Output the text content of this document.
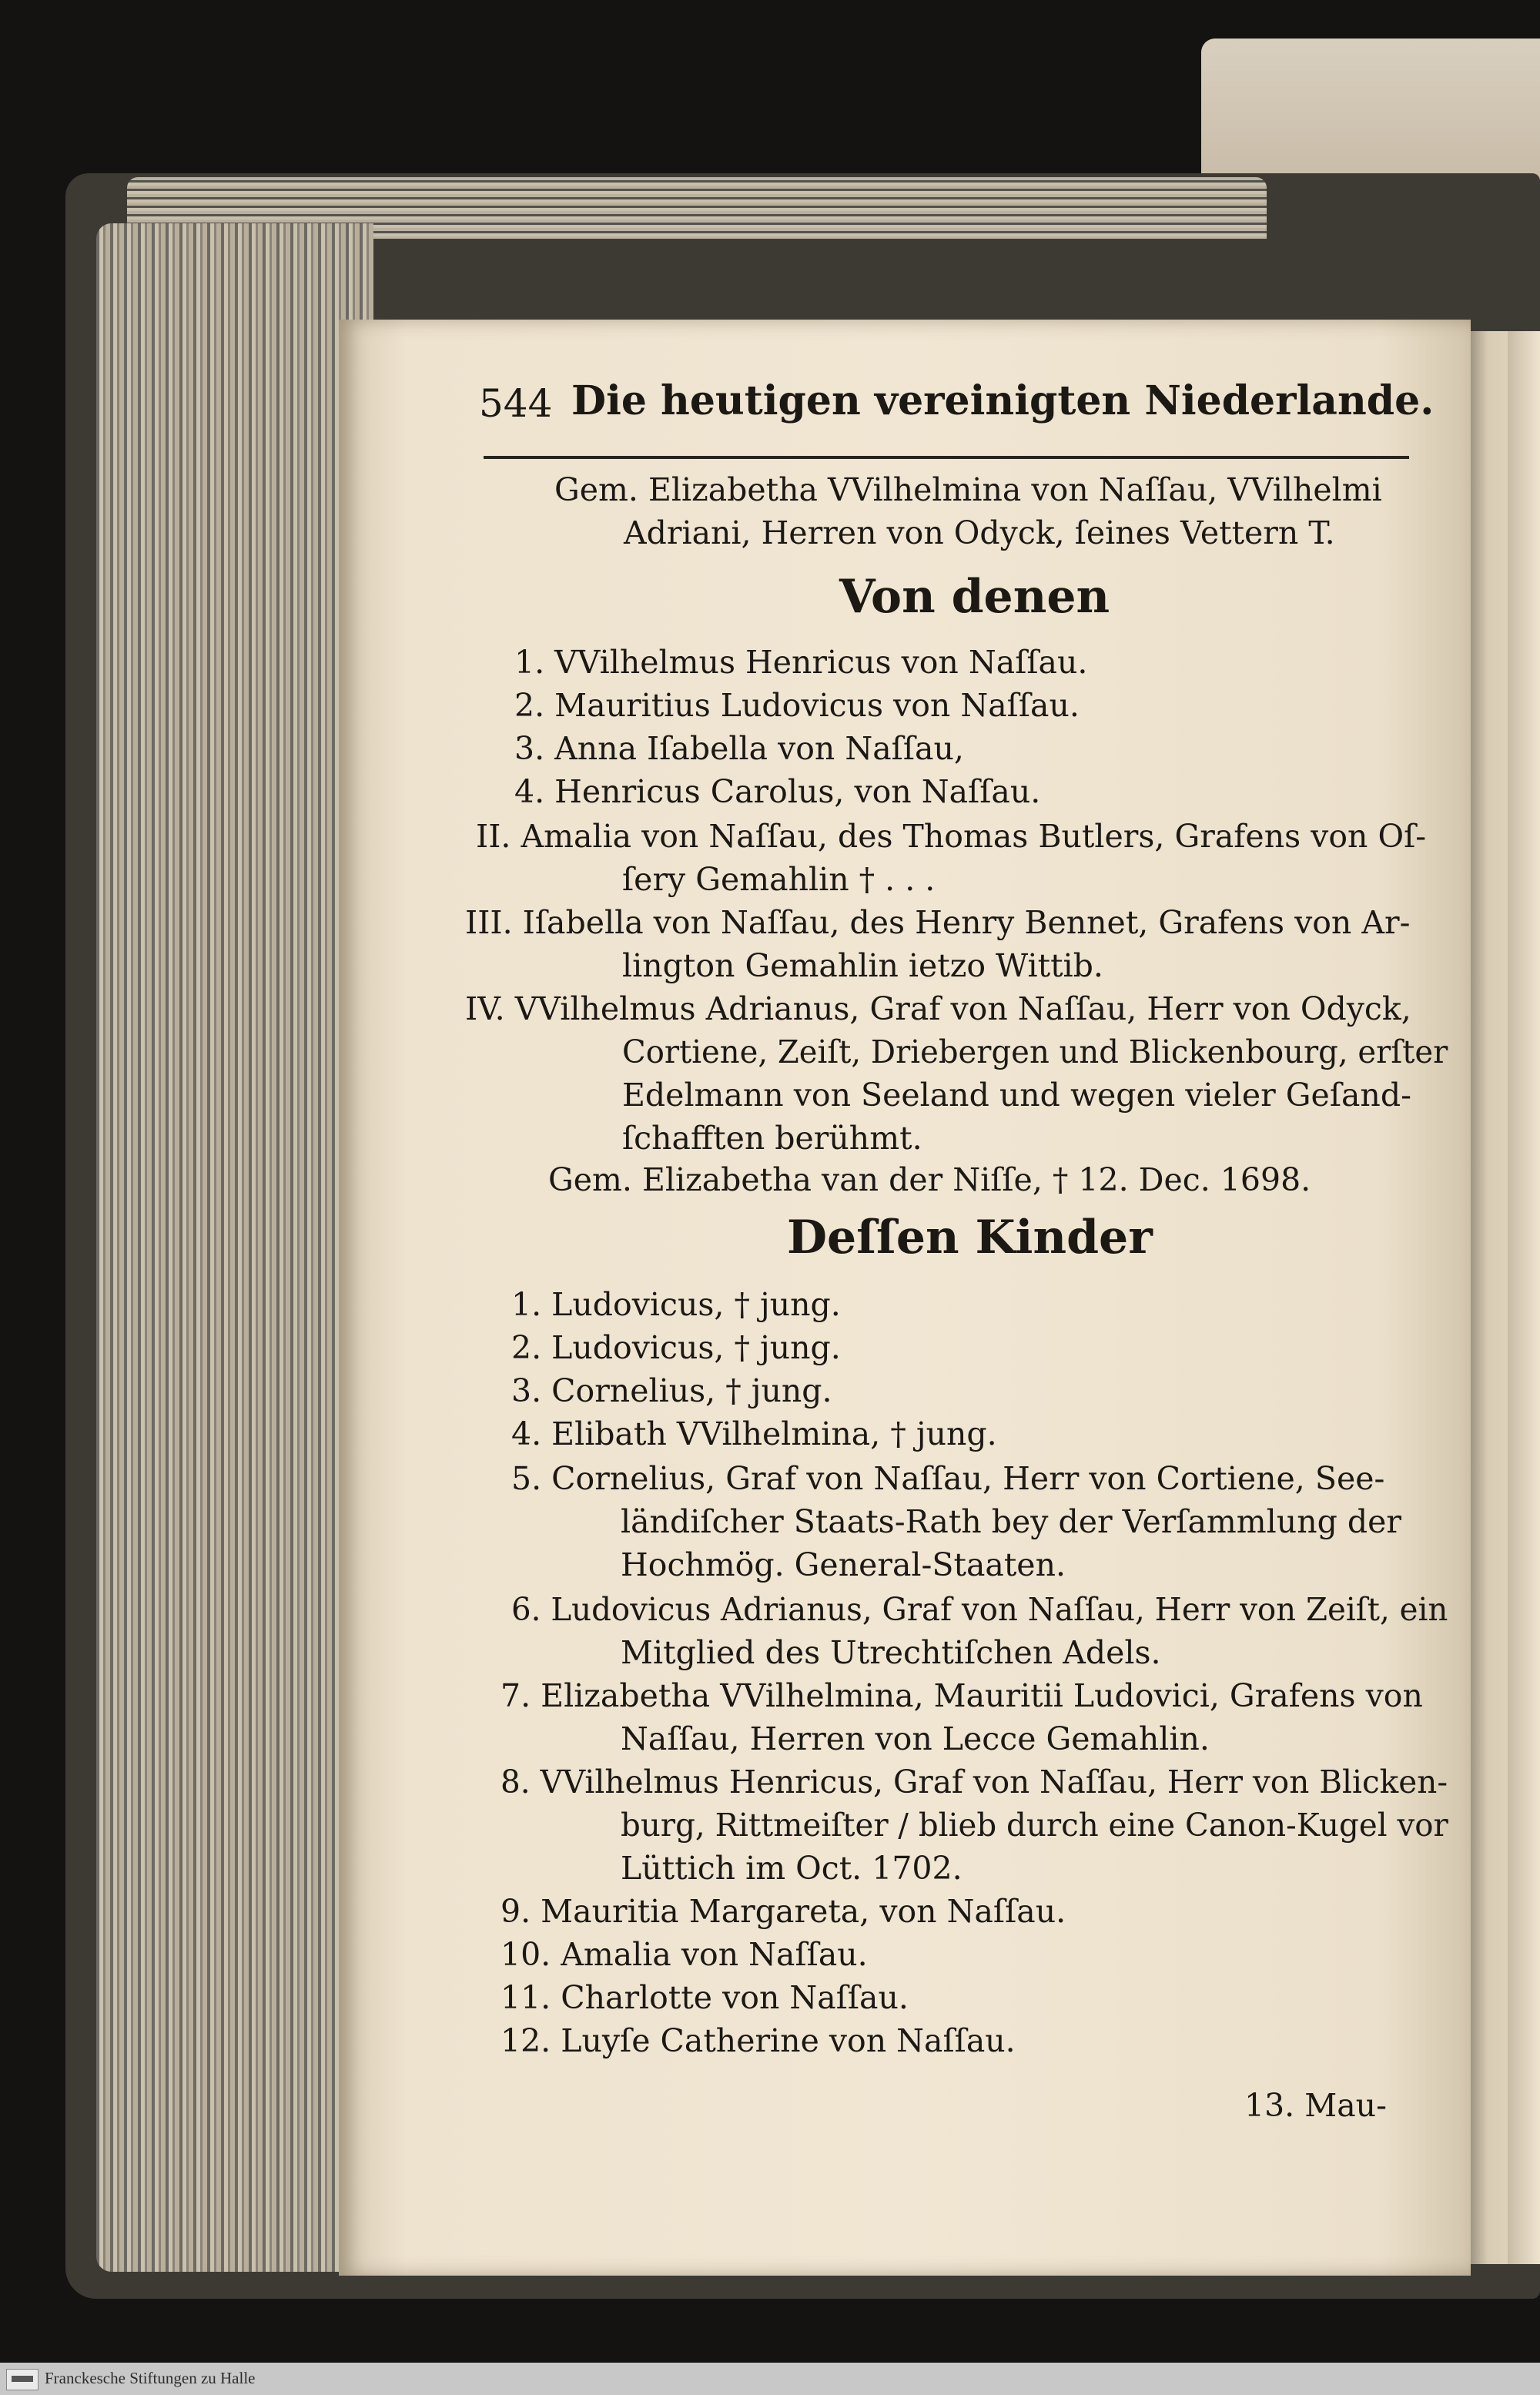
544 Die heutigen vereinigten Niederlande.
Gem. Elizabetha VVilhelmina von Naſſau, VVilhelmi
Adriani, Herren von Odyck, ſeines Vettern T.
Von denen
1. VVilhelmus Henricus von Naſſau.
2. Mauritius Ludovicus von Naſſau.
3. Anna Iſabella von Naſſau,
4. Henricus Carolus, von Naſſau.
II. Amalia von Naſſau, des Thomas Butlers, Grafens von Oſ-
ſery Gemahlin † . . .
III. Iſabella von Naſſau, des Henry Bennet, Grafens von Ar-
lington Gemahlin ietzo Wittib.
IV. VVilhelmus Adrianus, Graf von Naſſau, Herr von Odyck,
Cortiene, Zeiſt, Driebergen und Blickenbourg, erſter
Edelmann von Seeland und wegen vieler Geſand-
ſchafften berühmt.
Gem. Elizabetha van der Niſſe, † 12. Dec. 1698.
Deſſen Kinder
1. Ludovicus, † jung.
2. Ludovicus, † jung.
3. Cornelius, † jung.
4. Elibath VVilhelmina, † jung.
5. Cornelius, Graf von Naſſau, Herr von Cortiene, See-
ländiſcher Staats-Rath bey der Verſammlung der
Hochmög. General-Staaten.
6. Ludovicus Adrianus, Graf von Naſſau, Herr von Zeiſt, ein
Mitglied des Utrechtiſchen Adels.
7. Elizabetha VVilhelmina, Mauritii Ludovici, Grafens von
Naſſau, Herren von Lecce Gemahlin.
8. VVilhelmus Henricus, Graf von Naſſau, Herr von Blicken-
burg, Rittmeiſter / blieb durch eine Canon-Kugel vor
Lüttich im Oct. 1702.
9. Mauritia Margareta, von Naſſau.
10. Amalia von Naſſau.
11. Charlotte von Naſſau.
12. Luyſe Catherine von Naſſau.
13. Mau-
Franckesche Stiftungen zu Halle
